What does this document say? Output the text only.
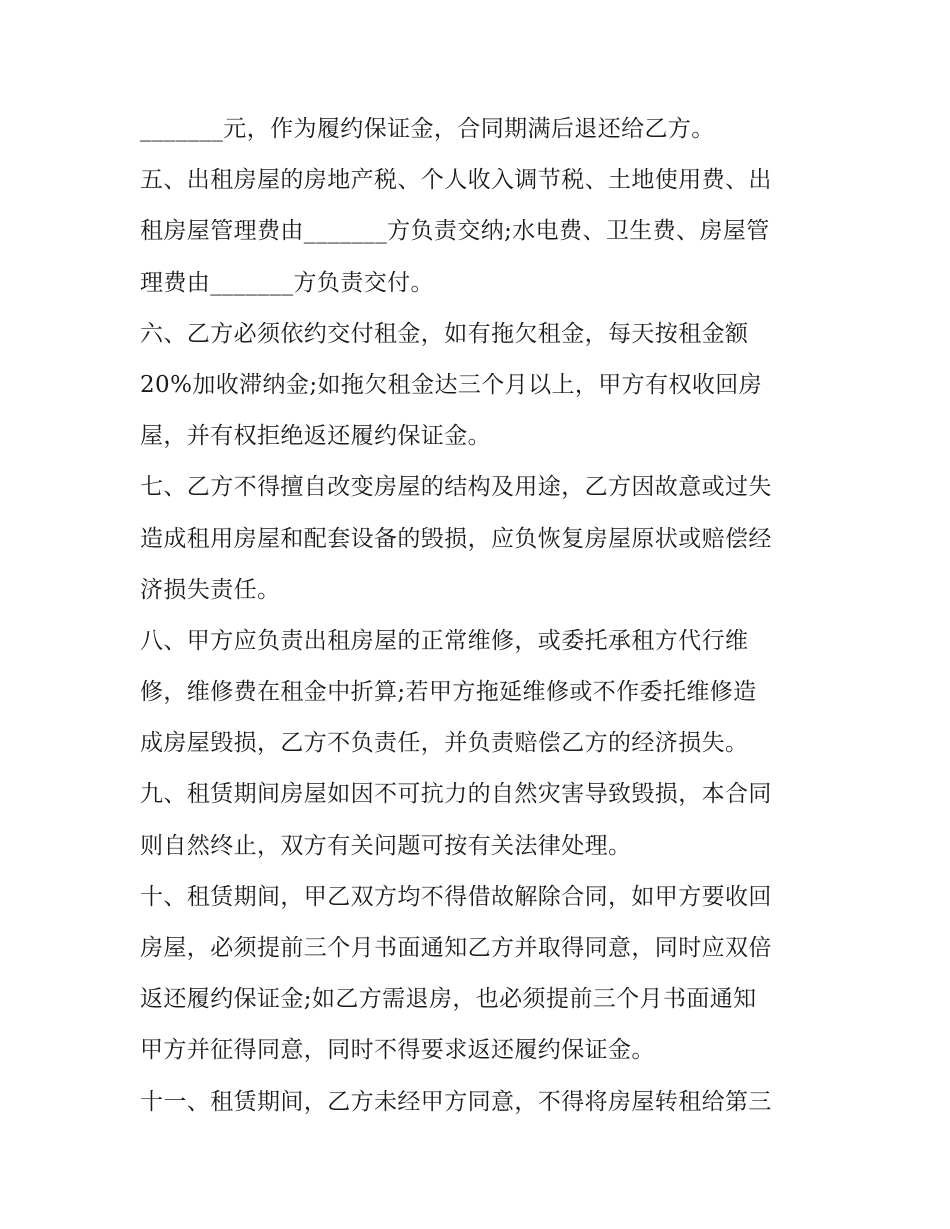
_______元，作为履约保证金，合同期满后退还给乙方。
五、出租房屋的房地产税、个人收入调节税、土地使用费、出
租房屋管理费由_______方负责交纳;水电费、卫生费、房屋管
理费由_______方负责交付。
六、乙方必须依约交付租金，如有拖欠租金，每天按租金额
20%加收滞纳金;如拖欠租金达三个月以上，甲方有权收回房
屋，并有权拒绝返还履约保证金。
七、乙方不得擅自改变房屋的结构及用途，乙方因故意或过失
造成租用房屋和配套设备的毁损，应负恢复房屋原状或赔偿经
济损失责任。
八、甲方应负责出租房屋的正常维修，或委托承租方代行维
修，维修费在租金中折算;若甲方拖延维修或不作委托维修造
成房屋毁损，乙方不负责任，并负责赔偿乙方的经济损失。
九、租赁期间房屋如因不可抗力的自然灾害导致毁损，本合同
则自然终止，双方有关问题可按有关法律处理。
十、租赁期间，甲乙双方均不得借故解除合同，如甲方要收回
房屋，必须提前三个月书面通知乙方并取得同意，同时应双倍
返还履约保证金;如乙方需退房，也必须提前三个月书面通知
甲方并征得同意，同时不得要求返还履约保证金。
十一、租赁期间，乙方未经甲方同意，不得将房屋转租给第三
